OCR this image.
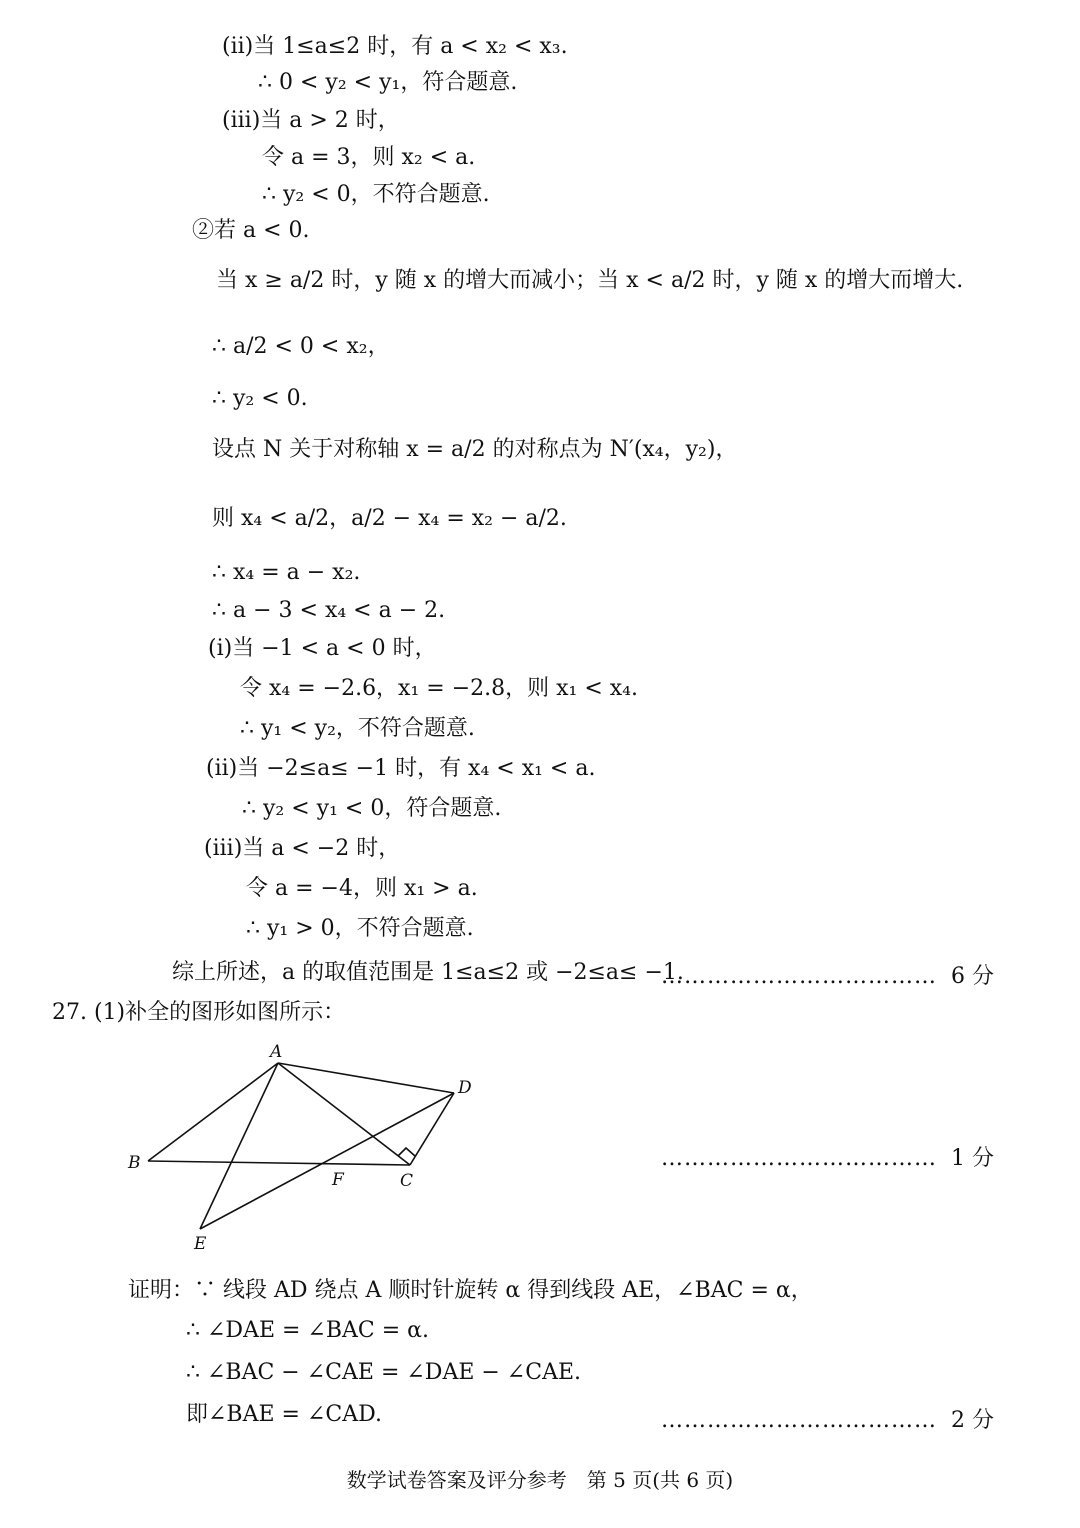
(ii)当 1≤a≤2 时，有 a < x₂ < x₃.
∴ 0 < y₂ < y₁，符合题意.
(iii)当 a > 2 时，
令 a = 3，则 x₂ < a.
∴ y₂ < 0，不符合题意.
②若 a < 0.
当 x ≥ a/2 时，y 随 x 的增大而减小；当 x < a/2 时，y 随 x 的增大而增大.
∴ a/2 < 0 < x₂，
∴ y₂ < 0.
设点 N 关于对称轴 x = a/2 的对称点为 N′(x₄，y₂)，
则 x₄ < a/2，a/2 − x₄ = x₂ − a/2.
∴ x₄ = a − x₂.
∴ a − 3 < x₄ < a − 2.
(i)当 −1 < a < 0 时，
令 x₄ = −2.6，x₁ = −2.8，则 x₁ < x₄.
∴ y₁ < y₂，不符合题意.
(ii)当 −2≤a≤ −1 时，有 x₄ < x₁ < a.
∴ y₂ < y₁ < 0，符合题意.
(iii)当 a < −2 时，
令 a = −4，则 x₁ > a.
∴ y₁ > 0，不符合题意.
综上所述，a 的取值范围是 1≤a≤2 或 −2≤a≤ −1.
……………………………… 6 分
27. (1)补全的图形如图所示：
A
B
C
D
E
F
……………………………… 1 分
证明：∵ 线段 AD 绕点 A 顺时针旋转 α 得到线段 AE，∠BAC = α，
∴ ∠DAE = ∠BAC = α.
∴ ∠BAC − ∠CAE = ∠DAE − ∠CAE.
即∠BAE = ∠CAD.	……………………………… 2 分
数学试卷答案及评分参考　第 5 页(共 6 页)
